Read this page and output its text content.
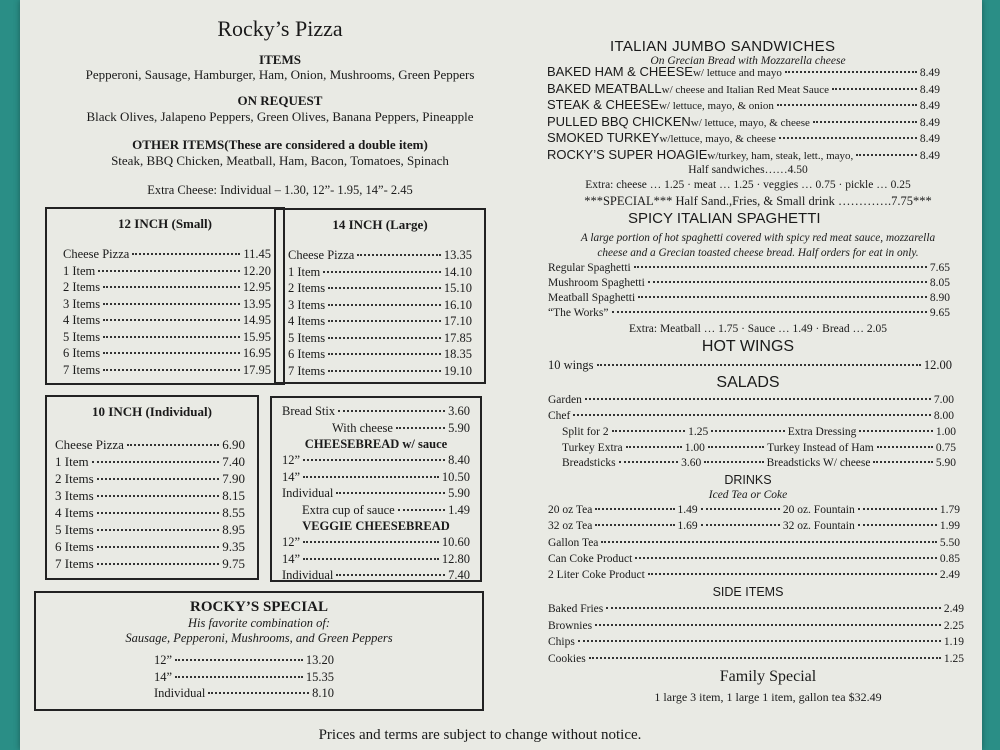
Rocky’s Pizza
ITEMS
Pepperoni, Sausage, Hamburger, Ham, Onion, Mushrooms, Green Peppers
ON REQUEST
Black Olives, Jalapeno Peppers, Green Olives, Banana Peppers, Pineapple
OTHER ITEMS(These are considered a double item)
Steak, BBQ Chicken, Meatball, Ham, Bacon, Tomatoes, Spinach
Extra Cheese: Individual – 1.30, 12”- 1.95, 14”- 2.45
12 INCH (Small)
Cheese Pizza	11.45
1 Item	12.20
2 Items	12.95
3 Items	13.95
4 Items	14.95
5 Items	15.95
6 Items	16.95
7 Items	17.95
14 INCH (Large)
Cheese Pizza	13.35
1 Item	14.10
2 Items	15.10
3 Items	16.10
4 Items	17.10
5 Items	17.85
6 Items	18.35
7 Items	19.10
10 INCH (Individual)
Cheese Pizza	6.90
1 Item	7.40
2 Items	7.90
3 Items	8.15
4 Items	8.55
5 Items	8.95
6 Items	9.35
7 Items	9.75
Bread Stix	3.60
With cheese	5.90
CHEESEBREAD w/ sauce
12”	8.40
14”	10.50
Individual	5.90
Extra cup of sauce	1.49
VEGGIE CHEESEBREAD
12”	10.60
14”	12.80
Individual	7.40
ROCKY’S SPECIAL
His favorite combination of:
Sausage, Pepperoni, Mushrooms, and Green Peppers
12”	13.20
14”	15.35
Individual	8.10
Prices and terms are subject to change without notice.
ITALIAN JUMBO SANDWICHES
On Grecian Bread with Mozzarella cheese
BAKED HAM & CHEESE w/ lettuce and mayo	8.49
BAKED MEATBALL w/ cheese and Italian Red Meat Sauce	8.49
STEAK & CHEESE w/ lettuce, mayo, & onion	8.49
PULLED BBQ CHICKEN w/ lettuce, mayo, & cheese	8.49
SMOKED TURKEY w/lettuce, mayo, & cheese	8.49
ROCKY’S SUPER HOAGIE w/turkey, ham, steak, lett., mayo,	8.49
Half sandwiches……4.50
Extra: cheese … 1.25 · meat … 1.25 · veggies … 0.75 · pickle … 0.25
***SPECIAL*** Half Sand.,Fries, & Small drink ………….7.75***
SPICY ITALIAN SPAGHETTI
A large portion of hot spaghetti covered with spicy red meat sauce, mozzarella
cheese and a Grecian toasted cheese bread. Half orders for eat in only.
Regular Spaghetti	7.65
Mushroom Spaghetti	8.05
Meatball Spaghetti	8.90
“The Works”	9.65
Extra: Meatball … 1.75 · Sauce … 1.49 · Bread … 2.05
HOT WINGS
10 wings	12.00
SALADS
Garden	7.00
Chef	8.00
Split for 2	1.25	Extra Dressing	1.00
Turkey Extra	1.00	Turkey Instead of Ham	0.75
Breadsticks	3.60	Breadsticks W/ cheese	5.90
DRINKS
Iced Tea or Coke
20 oz Tea	1.49	20 oz. Fountain	1.79
32 oz Tea	1.69	32 oz. Fountain	1.99
Gallon Tea	5.50
Can Coke Product	0.85
2 Liter Coke Product	2.49
SIDE ITEMS
Baked Fries	2.49
Brownies	2.25
Chips	1.19
Cookies	1.25
Family Special
1 large 3 item, 1 large 1 item, gallon tea $32.49
